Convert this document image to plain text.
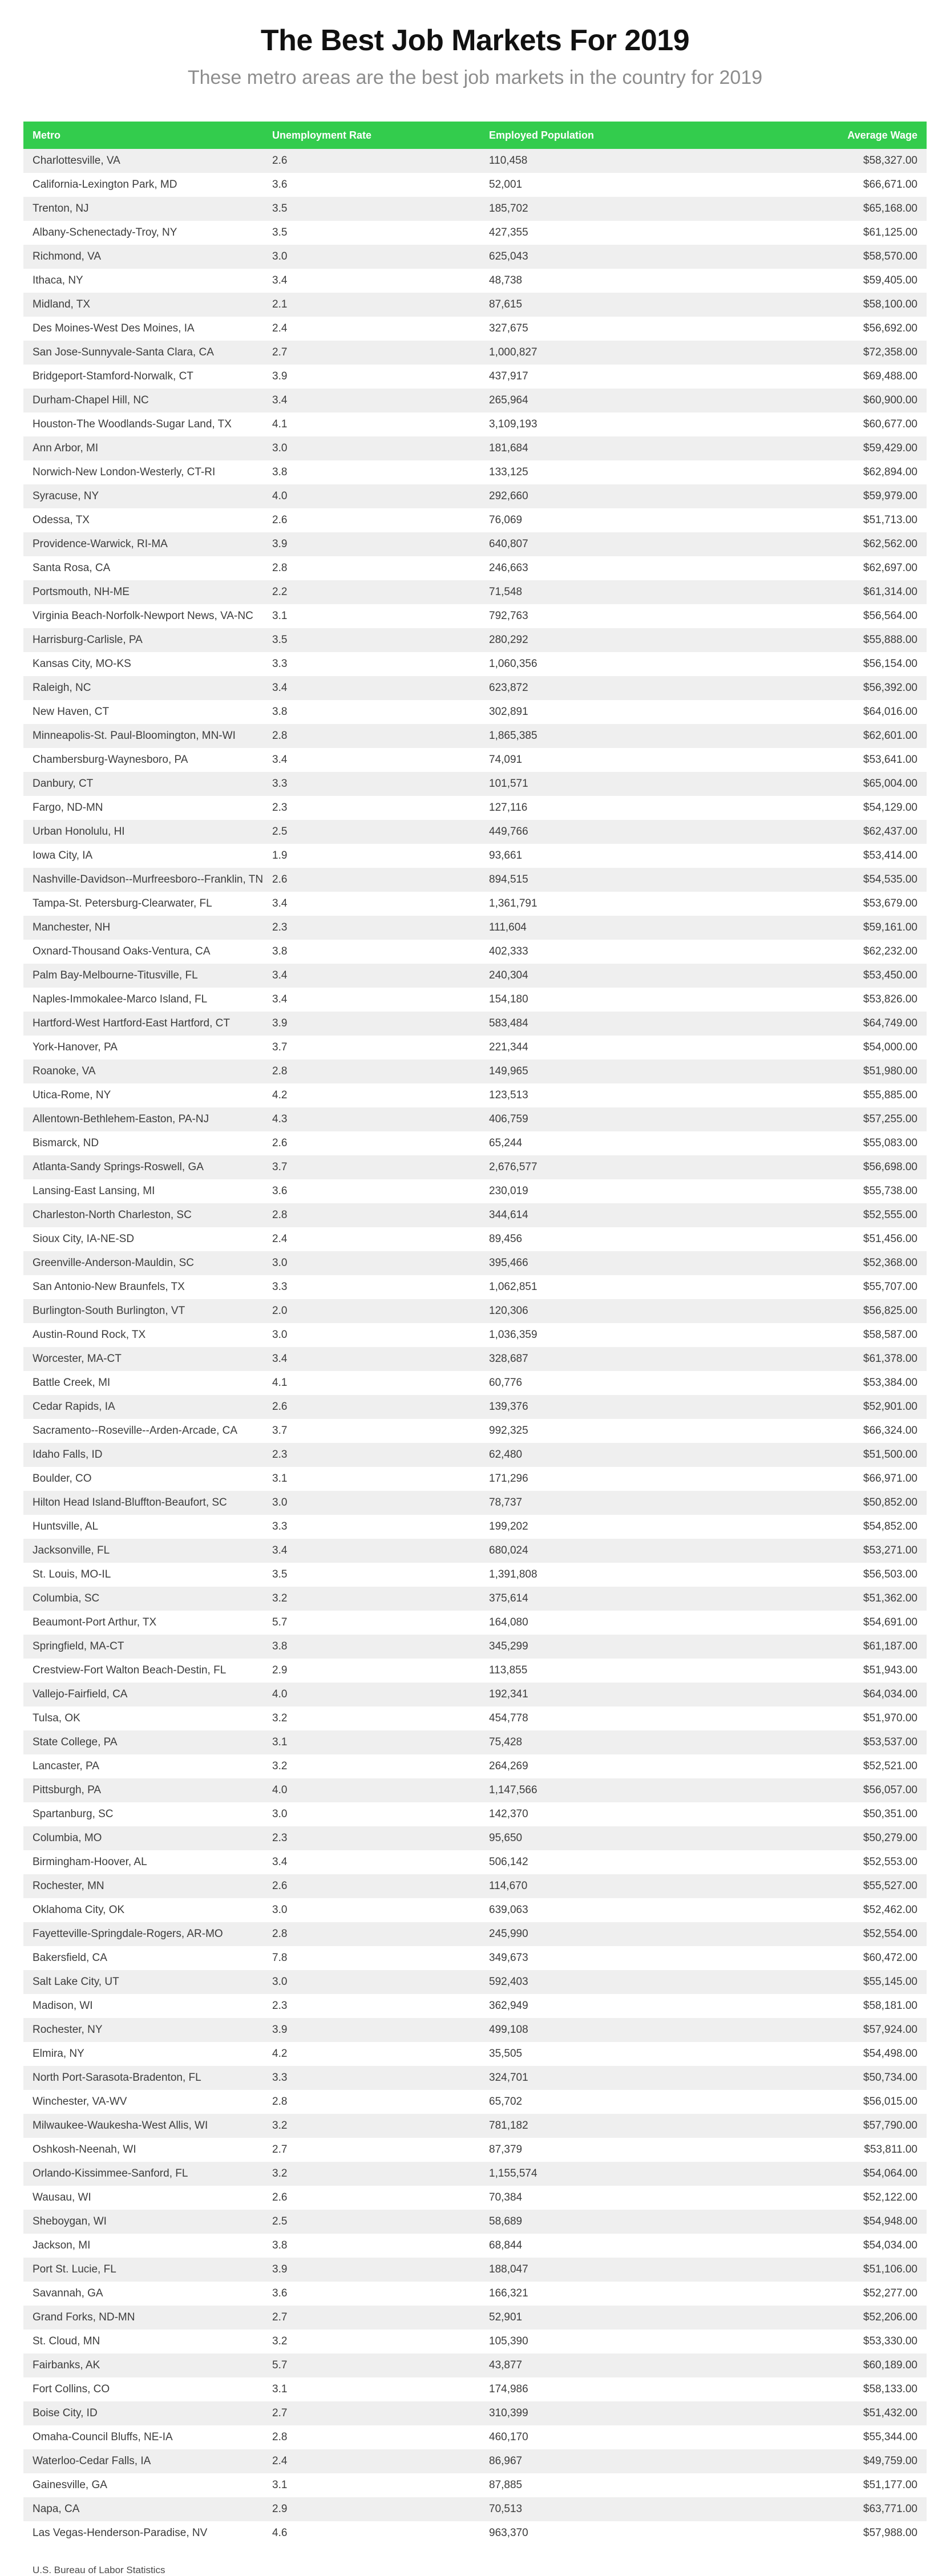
The Best Job Markets For 2019
These metro areas are the best job markets in the country for 2019
Metro	Unemployment Rate	Employed Population	Average Wage
Charlottesville, VA	2.6	110,458	$58,327.00
California-Lexington Park, MD	3.6	52,001	$66,671.00
Trenton, NJ	3.5	185,702	$65,168.00
Albany-Schenectady-Troy, NY	3.5	427,355	$61,125.00
Richmond, VA	3.0	625,043	$58,570.00
Ithaca, NY	3.4	48,738	$59,405.00
Midland, TX	2.1	87,615	$58,100.00
Des Moines-West Des Moines, IA	2.4	327,675	$56,692.00
San Jose-Sunnyvale-Santa Clara, CA	2.7	1,000,827	$72,358.00
Bridgeport-Stamford-Norwalk, CT	3.9	437,917	$69,488.00
Durham-Chapel Hill, NC	3.4	265,964	$60,900.00
Houston-The Woodlands-Sugar Land, TX	4.1	3,109,193	$60,677.00
Ann Arbor, MI	3.0	181,684	$59,429.00
Norwich-New London-Westerly, CT-RI	3.8	133,125	$62,894.00
Syracuse, NY	4.0	292,660	$59,979.00
Odessa, TX	2.6	76,069	$51,713.00
Providence-Warwick, RI-MA	3.9	640,807	$62,562.00
Santa Rosa, CA	2.8	246,663	$62,697.00
Portsmouth, NH-ME	2.2	71,548	$61,314.00
Virginia Beach-Norfolk-Newport News, VA-NC	3.1	792,763	$56,564.00
Harrisburg-Carlisle, PA	3.5	280,292	$55,888.00
Kansas City, MO-KS	3.3	1,060,356	$56,154.00
Raleigh, NC	3.4	623,872	$56,392.00
New Haven, CT	3.8	302,891	$64,016.00
Minneapolis-St. Paul-Bloomington, MN-WI	2.8	1,865,385	$62,601.00
Chambersburg-Waynesboro, PA	3.4	74,091	$53,641.00
Danbury, CT	3.3	101,571	$65,004.00
Fargo, ND-MN	2.3	127,116	$54,129.00
Urban Honolulu, HI	2.5	449,766	$62,437.00
Iowa City, IA	1.9	93,661	$53,414.00
Nashville-Davidson--Murfreesboro--Franklin, TN	2.6	894,515	$54,535.00
Tampa-St. Petersburg-Clearwater, FL	3.4	1,361,791	$53,679.00
Manchester, NH	2.3	111,604	$59,161.00
Oxnard-Thousand Oaks-Ventura, CA	3.8	402,333	$62,232.00
Palm Bay-Melbourne-Titusville, FL	3.4	240,304	$53,450.00
Naples-Immokalee-Marco Island, FL	3.4	154,180	$53,826.00
Hartford-West Hartford-East Hartford, CT	3.9	583,484	$64,749.00
York-Hanover, PA	3.7	221,344	$54,000.00
Roanoke, VA	2.8	149,965	$51,980.00
Utica-Rome, NY	4.2	123,513	$55,885.00
Allentown-Bethlehem-Easton, PA-NJ	4.3	406,759	$57,255.00
Bismarck, ND	2.6	65,244	$55,083.00
Atlanta-Sandy Springs-Roswell, GA	3.7	2,676,577	$56,698.00
Lansing-East Lansing, MI	3.6	230,019	$55,738.00
Charleston-North Charleston, SC	2.8	344,614	$52,555.00
Sioux City, IA-NE-SD	2.4	89,456	$51,456.00
Greenville-Anderson-Mauldin, SC	3.0	395,466	$52,368.00
San Antonio-New Braunfels, TX	3.3	1,062,851	$55,707.00
Burlington-South Burlington, VT	2.0	120,306	$56,825.00
Austin-Round Rock, TX	3.0	1,036,359	$58,587.00
Worcester, MA-CT	3.4	328,687	$61,378.00
Battle Creek, MI	4.1	60,776	$53,384.00
Cedar Rapids, IA	2.6	139,376	$52,901.00
Sacramento--Roseville--Arden-Arcade, CA	3.7	992,325	$66,324.00
Idaho Falls, ID	2.3	62,480	$51,500.00
Boulder, CO	3.1	171,296	$66,971.00
Hilton Head Island-Bluffton-Beaufort, SC	3.0	78,737	$50,852.00
Huntsville, AL	3.3	199,202	$54,852.00
Jacksonville, FL	3.4	680,024	$53,271.00
St. Louis, MO-IL	3.5	1,391,808	$56,503.00
Columbia, SC	3.2	375,614	$51,362.00
Beaumont-Port Arthur, TX	5.7	164,080	$54,691.00
Springfield, MA-CT	3.8	345,299	$61,187.00
Crestview-Fort Walton Beach-Destin, FL	2.9	113,855	$51,943.00
Vallejo-Fairfield, CA	4.0	192,341	$64,034.00
Tulsa, OK	3.2	454,778	$51,970.00
State College, PA	3.1	75,428	$53,537.00
Lancaster, PA	3.2	264,269	$52,521.00
Pittsburgh, PA	4.0	1,147,566	$56,057.00
Spartanburg, SC	3.0	142,370	$50,351.00
Columbia, MO	2.3	95,650	$50,279.00
Birmingham-Hoover, AL	3.4	506,142	$52,553.00
Rochester, MN	2.6	114,670	$55,527.00
Oklahoma City, OK	3.0	639,063	$52,462.00
Fayetteville-Springdale-Rogers, AR-MO	2.8	245,990	$52,554.00
Bakersfield, CA	7.8	349,673	$60,472.00
Salt Lake City, UT	3.0	592,403	$55,145.00
Madison, WI	2.3	362,949	$58,181.00
Rochester, NY	3.9	499,108	$57,924.00
Elmira, NY	4.2	35,505	$54,498.00
North Port-Sarasota-Bradenton, FL	3.3	324,701	$50,734.00
Winchester, VA-WV	2.8	65,702	$56,015.00
Milwaukee-Waukesha-West Allis, WI	3.2	781,182	$57,790.00
Oshkosh-Neenah, WI	2.7	87,379	$53,811.00
Orlando-Kissimmee-Sanford, FL	3.2	1,155,574	$54,064.00
Wausau, WI	2.6	70,384	$52,122.00
Sheboygan, WI	2.5	58,689	$54,948.00
Jackson, MI	3.8	68,844	$54,034.00
Port St. Lucie, FL	3.9	188,047	$51,106.00
Savannah, GA	3.6	166,321	$52,277.00
Grand Forks, ND-MN	2.7	52,901	$52,206.00
St. Cloud, MN	3.2	105,390	$53,330.00
Fairbanks, AK	5.7	43,877	$60,189.00
Fort Collins, CO	3.1	174,986	$58,133.00
Boise City, ID	2.7	310,399	$51,432.00
Omaha-Council Bluffs, NE-IA	2.8	460,170	$55,344.00
Waterloo-Cedar Falls, IA	2.4	86,967	$49,759.00
Gainesville, GA	3.1	87,885	$51,177.00
Napa, CA	2.9	70,513	$63,771.00
Las Vegas-Henderson-Paradise, NV	4.6	963,370	$57,988.00
U.S. Bureau of Labor Statistics
